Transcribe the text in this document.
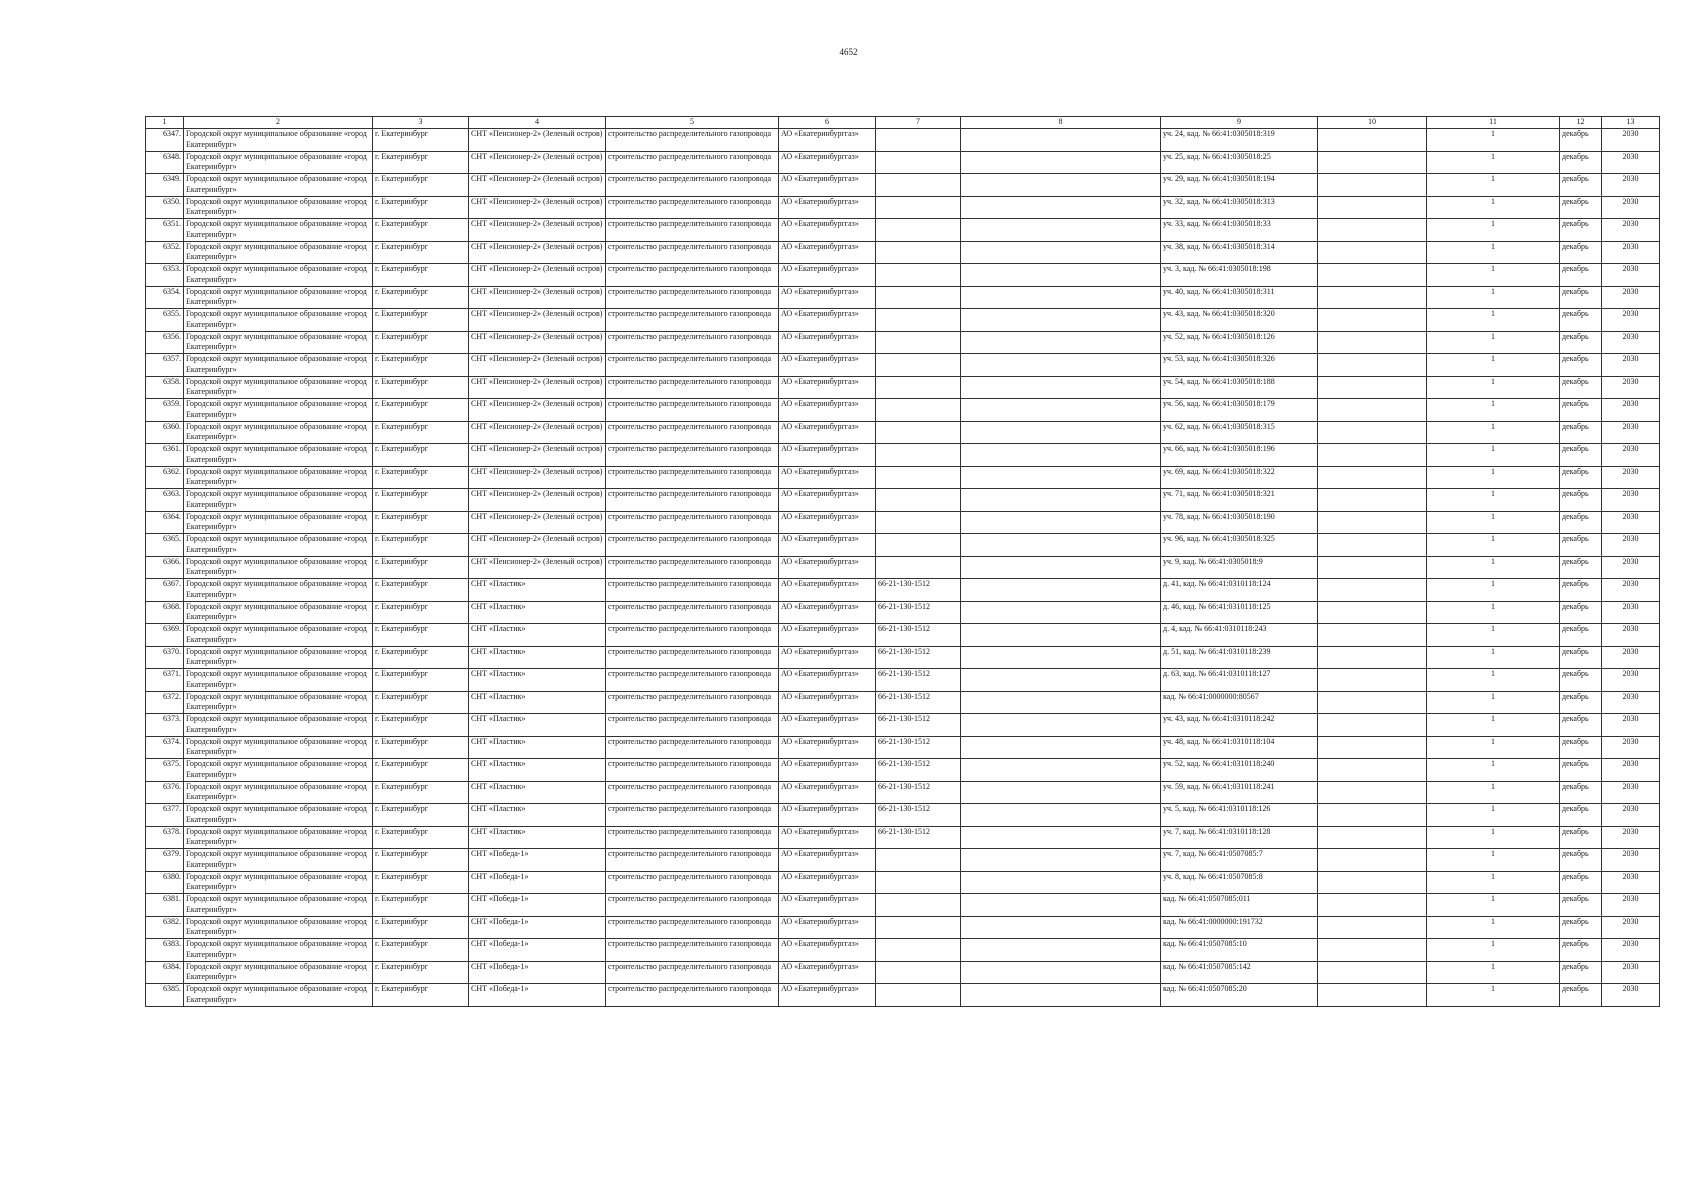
4652
1	2	3	4	5	6	7	8	9	10	11	12	13
6347.	Городской округ муниципальное образование «город Екатеринбург»	г. Екатеринбург	СНТ «Пенсионер-2» (Зеленый остров)	строительство распределительного газопровода	АО «Екатеринбурггаз»			уч. 24, кад. № 66:41:0305018:319		1	декабрь	2030
6348.	Городской округ муниципальное образование «город Екатеринбург»	г. Екатеринбург	СНТ «Пенсионер-2» (Зеленый остров)	строительство распределительного газопровода	АО «Екатеринбурггаз»			уч. 25, кад. № 66:41:0305018:25		1	декабрь	2030
6349.	Городской округ муниципальное образование «город Екатеринбург»	г. Екатеринбург	СНТ «Пенсионер-2» (Зеленый остров)	строительство распределительного газопровода	АО «Екатеринбурггаз»			уч. 29, кад. № 66:41:0305018:194		1	декабрь	2030
6350.	Городской округ муниципальное образование «город Екатеринбург»	г. Екатеринбург	СНТ «Пенсионер-2» (Зеленый остров)	строительство распределительного газопровода	АО «Екатеринбурггаз»			уч. 32, кад. № 66:41:0305018:313		1	декабрь	2030
6351.	Городской округ муниципальное образование «город Екатеринбург»	г. Екатеринбург	СНТ «Пенсионер-2» (Зеленый остров)	строительство распределительного газопровода	АО «Екатеринбурггаз»			уч. 33, кад. № 66:41:0305018:33		1	декабрь	2030
6352.	Городской округ муниципальное образование «город Екатеринбург»	г. Екатеринбург	СНТ «Пенсионер-2» (Зеленый остров)	строительство распределительного газопровода	АО «Екатеринбурггаз»			уч. 38, кад. № 66:41:0305018:314		1	декабрь	2030
6353.	Городской округ муниципальное образование «город Екатеринбург»	г. Екатеринбург	СНТ «Пенсионер-2» (Зеленый остров)	строительство распределительного газопровода	АО «Екатеринбурггаз»			уч. 3, кад. № 66:41:0305018:198		1	декабрь	2030
6354.	Городской округ муниципальное образование «город Екатеринбург»	г. Екатеринбург	СНТ «Пенсионер-2» (Зеленый остров)	строительство распределительного газопровода	АО «Екатеринбурггаз»			уч. 40, кад. № 66:41:0305018:311		1	декабрь	2030
6355.	Городской округ муниципальное образование «город Екатеринбург»	г. Екатеринбург	СНТ «Пенсионер-2» (Зеленый остров)	строительство распределительного газопровода	АО «Екатеринбурггаз»			уч. 43, кад. № 66:41:0305018:320		1	декабрь	2030
6356.	Городской округ муниципальное образование «город Екатеринбург»	г. Екатеринбург	СНТ «Пенсионер-2» (Зеленый остров)	строительство распределительного газопровода	АО «Екатеринбурггаз»			уч. 52, кад. № 66:41:0305018:126		1	декабрь	2030
6357.	Городской округ муниципальное образование «город Екатеринбург»	г. Екатеринбург	СНТ «Пенсионер-2» (Зеленый остров)	строительство распределительного газопровода	АО «Екатеринбурггаз»			уч. 53, кад. № 66:41:0305018:326		1	декабрь	2030
6358.	Городской округ муниципальное образование «город Екатеринбург»	г. Екатеринбург	СНТ «Пенсионер-2» (Зеленый остров)	строительство распределительного газопровода	АО «Екатеринбурггаз»			уч. 54, кад. № 66:41:0305018:188		1	декабрь	2030
6359.	Городской округ муниципальное образование «город Екатеринбург»	г. Екатеринбург	СНТ «Пенсионер-2» (Зеленый остров)	строительство распределительного газопровода	АО «Екатеринбурггаз»			уч. 56, кад. № 66:41:0305018:179		1	декабрь	2030
6360.	Городской округ муниципальное образование «город Екатеринбург»	г. Екатеринбург	СНТ «Пенсионер-2» (Зеленый остров)	строительство распределительного газопровода	АО «Екатеринбурггаз»			уч. 62, кад. № 66:41:0305018:315		1	декабрь	2030
6361.	Городской округ муниципальное образование «город Екатеринбург»	г. Екатеринбург	СНТ «Пенсионер-2» (Зеленый остров)	строительство распределительного газопровода	АО «Екатеринбурггаз»			уч. 66, кад. № 66:41:0305018:196		1	декабрь	2030
6362.	Городской округ муниципальное образование «город Екатеринбург»	г. Екатеринбург	СНТ «Пенсионер-2» (Зеленый остров)	строительство распределительного газопровода	АО «Екатеринбурггаз»			уч. 69, кад. № 66:41:0305018:322		1	декабрь	2030
6363.	Городской округ муниципальное образование «город Екатеринбург»	г. Екатеринбург	СНТ «Пенсионер-2» (Зеленый остров)	строительство распределительного газопровода	АО «Екатеринбурггаз»			уч. 71, кад. № 66:41:0305018:321		1	декабрь	2030
6364.	Городской округ муниципальное образование «город Екатеринбург»	г. Екатеринбург	СНТ «Пенсионер-2» (Зеленый остров)	строительство распределительного газопровода	АО «Екатеринбурггаз»			уч. 78, кад. № 66:41:0305018:190		1	декабрь	2030
6365.	Городской округ муниципальное образование «город Екатеринбург»	г. Екатеринбург	СНТ «Пенсионер-2» (Зеленый остров)	строительство распределительного газопровода	АО «Екатеринбурггаз»			уч. 96, кад. № 66:41:0305018:325		1	декабрь	2030
6366.	Городской округ муниципальное образование «город Екатеринбург»	г. Екатеринбург	СНТ «Пенсионер-2» (Зеленый остров)	строительство распределительного газопровода	АО «Екатеринбурггаз»			уч. 9, кад. № 66:41:0305018:9		1	декабрь	2030
6367.	Городской округ муниципальное образование «город Екатеринбург»	г. Екатеринбург	СНТ «Пластик»	строительство распределительного газопровода	АО «Екатеринбурггаз»	66-21-130-1512		д. 41, кад. № 66:41:0310118:124		1	декабрь	2030
6368.	Городской округ муниципальное образование «город Екатеринбург»	г. Екатеринбург	СНТ «Пластик»	строительство распределительного газопровода	АО «Екатеринбурггаз»	66-21-130-1512		д. 46, кад. № 66:41:0310118:125		1	декабрь	2030
6369.	Городской округ муниципальное образование «город Екатеринбург»	г. Екатеринбург	СНТ «Пластик»	строительство распределительного газопровода	АО «Екатеринбурггаз»	66-21-130-1512		д. 4, кад. № 66:41:0310118:243		1	декабрь	2030
6370.	Городской округ муниципальное образование «город Екатеринбург»	г. Екатеринбург	СНТ «Пластик»	строительство распределительного газопровода	АО «Екатеринбурггаз»	66-21-130-1512		д. 51, кад. № 66:41:0310118:239		1	декабрь	2030
6371.	Городской округ муниципальное образование «город Екатеринбург»	г. Екатеринбург	СНТ «Пластик»	строительство распределительного газопровода	АО «Екатеринбурггаз»	66-21-130-1512		д. 63, кад. № 66:41:0310118:127		1	декабрь	2030
6372.	Городской округ муниципальное образование «город Екатеринбург»	г. Екатеринбург	СНТ «Пластик»	строительство распределительного газопровода	АО «Екатеринбурггаз»	66-21-130-1512		кад. № 66:41:0000000:80567		1	декабрь	2030
6373.	Городской округ муниципальное образование «город Екатеринбург»	г. Екатеринбург	СНТ «Пластик»	строительство распределительного газопровода	АО «Екатеринбурггаз»	66-21-130-1512		уч. 43, кад. № 66:41:0310118:242		1	декабрь	2030
6374.	Городской округ муниципальное образование «город Екатеринбург»	г. Екатеринбург	СНТ «Пластик»	строительство распределительного газопровода	АО «Екатеринбурггаз»	66-21-130-1512		уч. 48, кад. № 66:41:0310118:104		1	декабрь	2030
6375.	Городской округ муниципальное образование «город Екатеринбург»	г. Екатеринбург	СНТ «Пластик»	строительство распределительного газопровода	АО «Екатеринбурггаз»	66-21-130-1512		уч. 52, кад. № 66:41:0310118:240		1	декабрь	2030
6376.	Городской округ муниципальное образование «город Екатеринбург»	г. Екатеринбург	СНТ «Пластик»	строительство распределительного газопровода	АО «Екатеринбурггаз»	66-21-130-1512		уч. 59, кад. № 66:41:0310118:241		1	декабрь	2030
6377.	Городской округ муниципальное образование «город Екатеринбург»	г. Екатеринбург	СНТ «Пластик»	строительство распределительного газопровода	АО «Екатеринбурггаз»	66-21-130-1512		уч. 5, кад. № 66:41:0310118:126		1	декабрь	2030
6378.	Городской округ муниципальное образование «город Екатеринбург»	г. Екатеринбург	СНТ «Пластик»	строительство распределительного газопровода	АО «Екатеринбурггаз»	66-21-130-1512		уч. 7, кад. № 66:41:0310118:128		1	декабрь	2030
6379.	Городской округ муниципальное образование «город Екатеринбург»	г. Екатеринбург	СНТ «Победа-1»	строительство распределительного газопровода	АО «Екатеринбурггаз»			уч. 7, кад. № 66:41:0507085:7		1	декабрь	2030
6380.	Городской округ муниципальное образование «город Екатеринбург»	г. Екатеринбург	СНТ «Победа-1»	строительство распределительного газопровода	АО «Екатеринбурггаз»			уч. 8, кад. № 66:41:0507085:8		1	декабрь	2030
6381.	Городской округ муниципальное образование «город Екатеринбург»	г. Екатеринбург	СНТ «Победа-1»	строительство распределительного газопровода	АО «Екатеринбурггаз»			кад. № 66:41:0507085:011		1	декабрь	2030
6382.	Городской округ муниципальное образование «город Екатеринбург»	г. Екатеринбург	СНТ «Победа-1»	строительство распределительного газопровода	АО «Екатеринбурггаз»			кад. № 66:41:0000000:191732		1	декабрь	2030
6383.	Городской округ муниципальное образование «город Екатеринбург»	г. Екатеринбург	СНТ «Победа-1»	строительство распределительного газопровода	АО «Екатеринбурггаз»			кад. № 66:41:0507085:10		1	декабрь	2030
6384.	Городской округ муниципальное образование «город Екатеринбург»	г. Екатеринбург	СНТ «Победа-1»	строительство распределительного газопровода	АО «Екатеринбурггаз»			кад. № 66:41:0507085:142		1	декабрь	2030
6385.	Городской округ муниципальное образование «город Екатеринбург»	г. Екатеринбург	СНТ «Победа-1»	строительство распределительного газопровода	АО «Екатеринбурггаз»			кад. № 66:41:0507085:20		1	декабрь	2030
